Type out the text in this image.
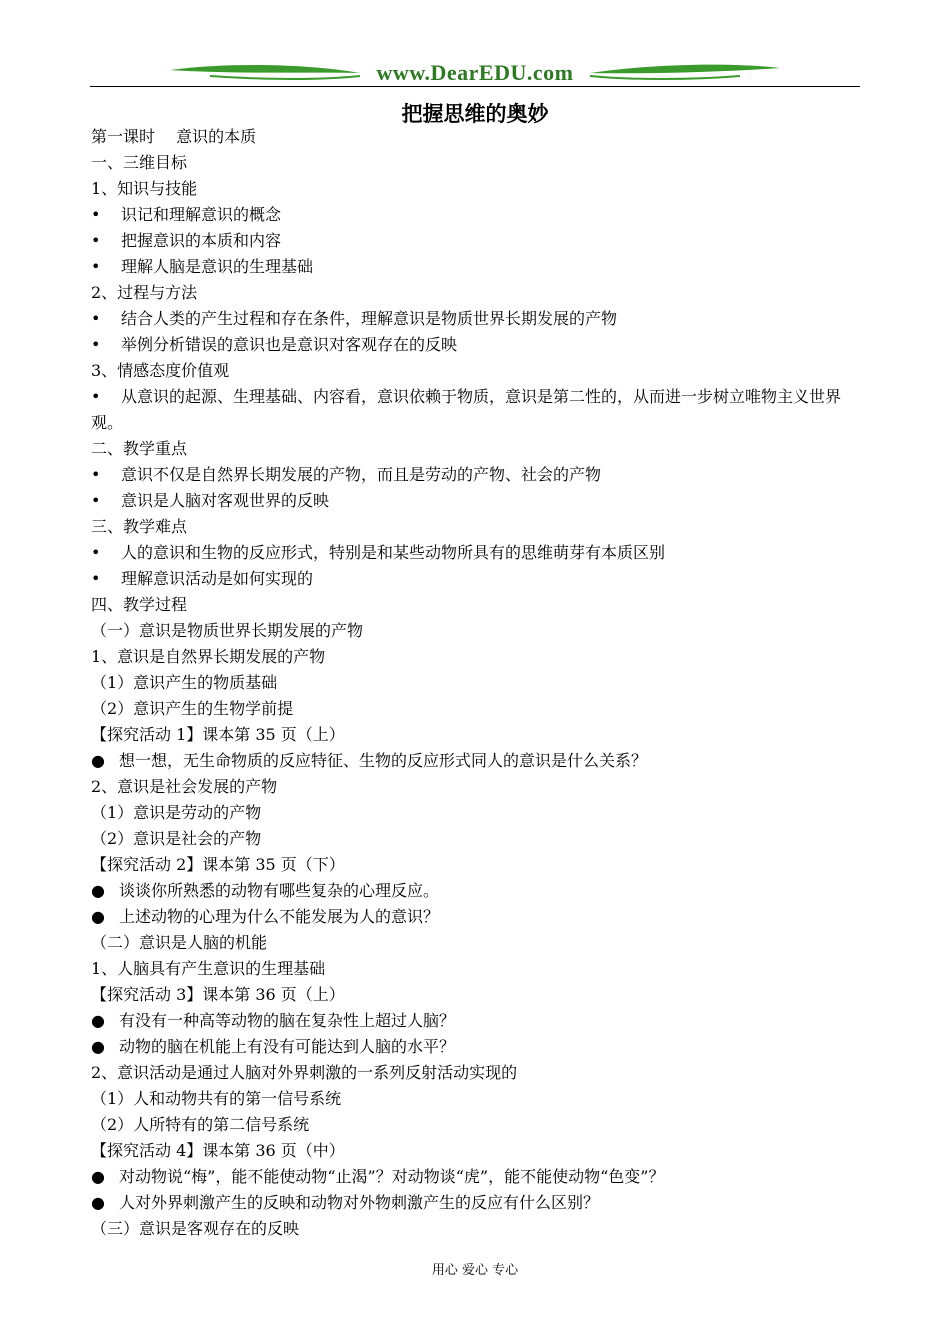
www.DearEDU.com
把握思维的奥妙
第一课时　 意识的本质
一、三维目标
1、知识与技能
• 识记和理解意识的概念
• 把握意识的本质和内容
• 理解人脑是意识的生理基础
2、过程与方法
• 结合人类的产生过程和存在条件，理解意识是物质世界长期发展的产物
• 举例分析错误的意识也是意识对客观存在的反映
3、情感态度价值观
• 从意识的起源、生理基础、内容看，意识依赖于物质，意识是第二性的，从而进一步树立唯物主义世界观。
二、教学重点
• 意识不仅是自然界长期发展的产物，而且是劳动的产物、社会的产物
• 意识是人脑对客观世界的反映
三、教学难点
• 人的意识和生物的反应形式，特别是和某些动物所具有的思维萌芽有本质区别
• 理解意识活动是如何实现的
四、教学过程
（一）意识是物质世界长期发展的产物
1、意识是自然界长期发展的产物
（1）意识产生的物质基础
（2）意识产生的生物学前提
【探究活动 1】课本第 35 页（上）
● 想一想，无生命物质的反应特征、生物的反应形式同人的意识是什么关系？
2、意识是社会发展的产物
（1）意识是劳动的产物
（2）意识是社会的产物
【探究活动 2】课本第 35 页（下）
● 谈谈你所熟悉的动物有哪些复杂的心理反应。
● 上述动物的心理为什么不能发展为人的意识？
（二）意识是人脑的机能
1、人脑具有产生意识的生理基础
【探究活动 3】课本第 36 页（上）
● 有没有一种高等动物的脑在复杂性上超过人脑？
● 动物的脑在机能上有没有可能达到人脑的水平？
2、意识活动是通过人脑对外界刺激的一系列反射活动实现的
（1）人和动物共有的第一信号系统
（2）人所特有的第二信号系统
【探究活动 4】课本第 36 页（中）
● 对动物说“梅”，能不能使动物“止渴”？对动物谈“虎”，能不能使动物“色变”？
● 人对外界刺激产生的反映和动物对外物刺激产生的反应有什么区别？
（三）意识是客观存在的反映
用心 爱心 专心
